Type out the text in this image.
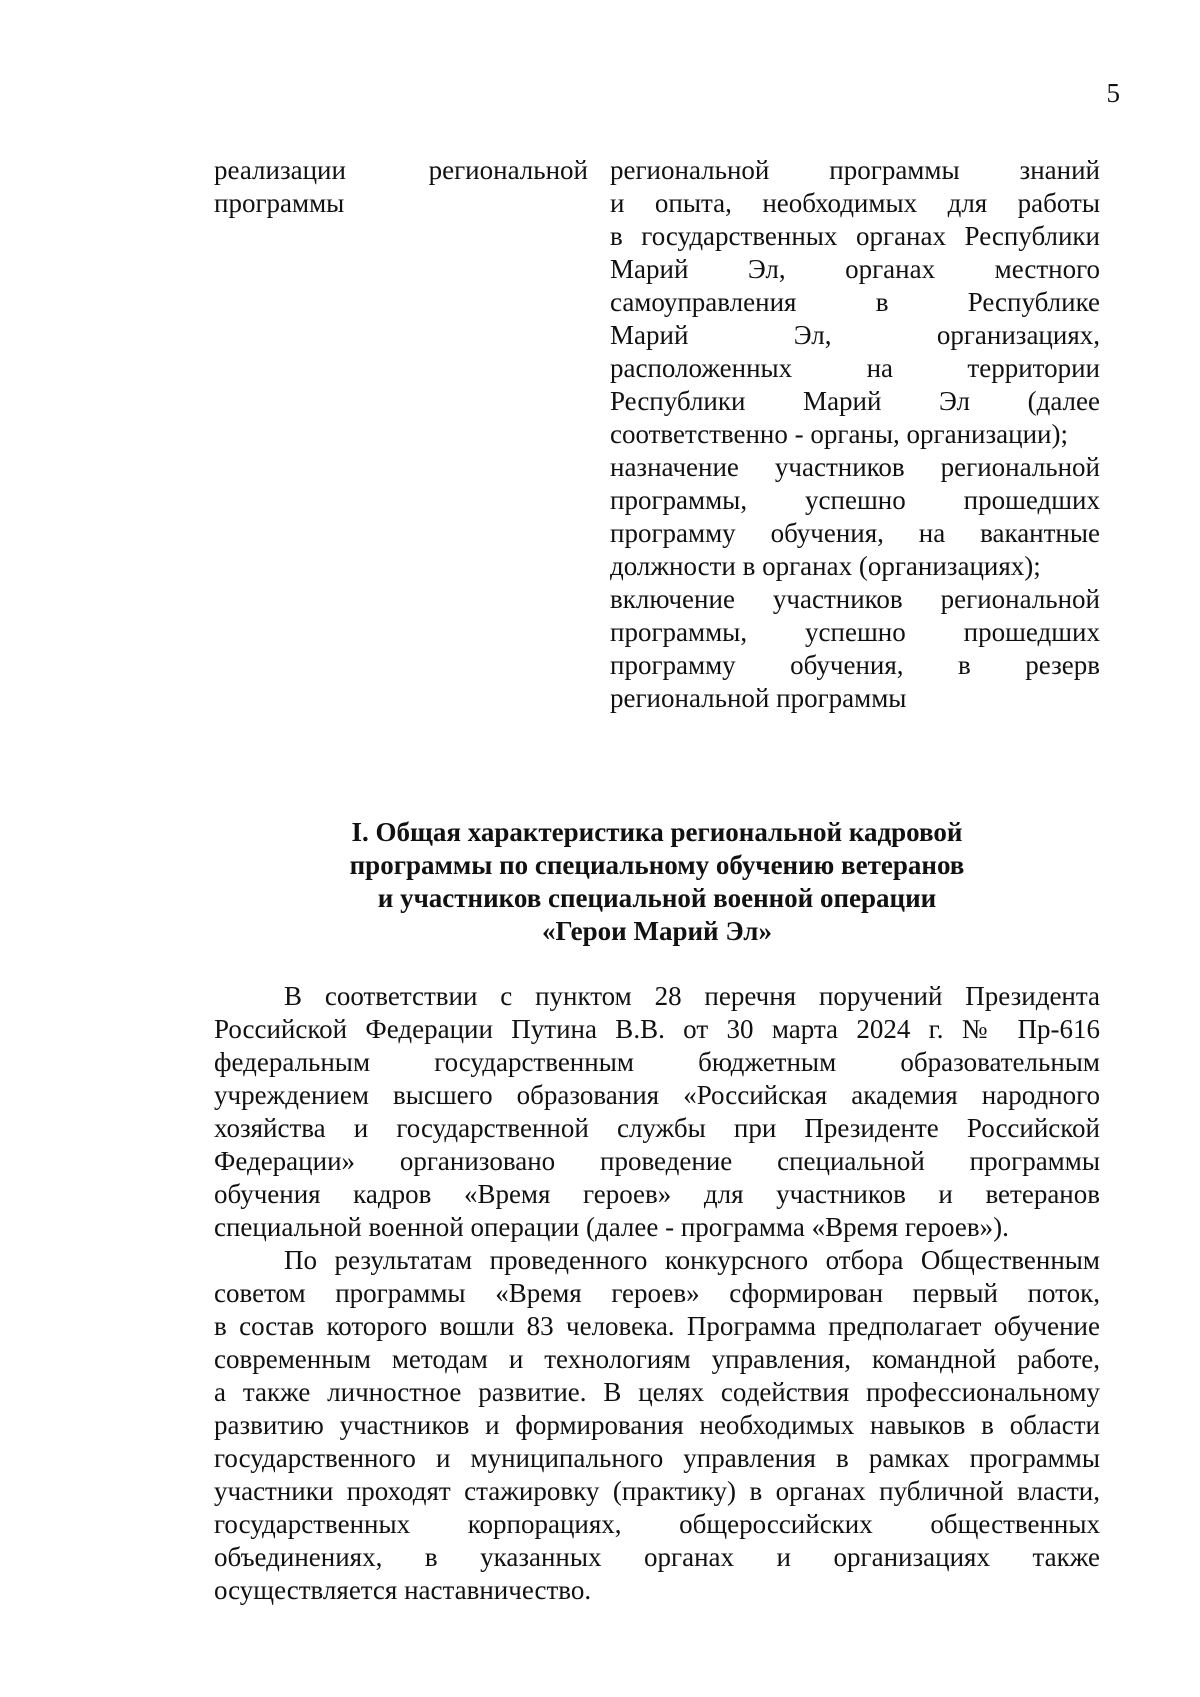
5
реализации региональной
программы
региональной программы знаний
и опыта, необходимых для работы
в государственных органах Республики
Марий Эл, органах местного
самоуправления в Республике
Марий Эл, организациях,
расположенных на территории
Республики Марий Эл (далее
соответственно - органы, организации);
назначение участников региональной
программы, успешно прошедших
программу обучения, на вакантные
должности в органах (организациях);
включение участников региональной
программы, успешно прошедших
программу обучения, в резерв
региональной программы
I. Общая характеристика региональной кадровой
программы по специальному обучению ветеранов
и участников специальной военной операции
«Герои Марий Эл»
В соответствии с пунктом 28 перечня поручений Президента
Российской Федерации Путина В.В. от 30 марта 2024 г. № Пр-616
федеральным государственным бюджетным образовательным
учреждением высшего образования «Российская академия народного
хозяйства и государственной службы при Президенте Российской
Федерации» организовано проведение специальной программы
обучения кадров «Время героев» для участников и ветеранов
специальной военной операции (далее - программа «Время героев»).
По результатам проведенного конкурсного отбора Общественным
советом программы «Время героев» сформирован первый поток,
в состав которого вошли 83 человека. Программа предполагает обучение
современным методам и технологиям управления, командной работе,
а также личностное развитие. В целях содействия профессиональному
развитию участников и формирования необходимых навыков в области
государственного и муниципального управления в рамках программы
участники проходят стажировку (практику) в органах публичной власти,
государственных корпорациях, общероссийских общественных
объединениях, в указанных органах и организациях также
осуществляется наставничество.
